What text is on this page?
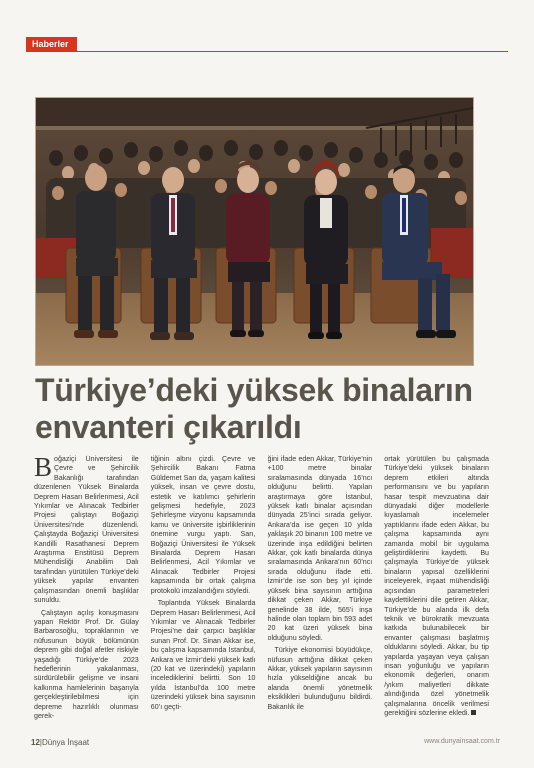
Haberler
Türkiye’deki yüksek binaların
envanteri çıkarıldı

Boğaziçi Üniversitesi ile Çevre ve Şehircilik Bakanlığı tarafından düzenlenen Yüksek Binalarda Deprem Hasarı Belirlenmesi, Acil Yıkımlar ve Alınacak Tedbirler Projesi çalıştayı Boğaziçi Üniversitesi’nde düzenlendi. Çalıştayda Boğaziçi Üniversitesi Kandilli Rasathanesi Deprem Araştırma Enstitüsü Deprem Mühendisliği Anabilim Dalı tarafından yürütülen Türkiye’deki yüksek yapılar envanteri çalışmasından önemli başlıklar sunuldu.

Çalıştayın açılış konuşmasını yapan Rektör Prof. Dr. Gülay Barbarosoğlu, topraklarının ve nüfusunun büyük bölümünün deprem gibi doğal afetler riskiyle yaşadığı Türkiye’de 2023 hedeflerinin yakalanması, sürdürülebilir gelişme ve insani kalkınma hamlelerinin başarıyla gerçekleştirilebilmesi için depreme hazırlıklı olunması gerek-

tiğinin altını çizdi. Çevre ve Şehircilik Bakanı Fatma Güldemet Sarı da, yaşam kalitesi yüksek, insan ve çevre dostu, estetik ve katılımcı şehirlerin gelişmesi hedefiyle, 2023 Şehirleşme vizyonu kapsamında kamu ve üniversite işbirliklerinin önemine vurgu yaptı. Sarı, Boğaziçi Üniversitesi ile Yüksek Binalarda Deprem Hasarı Belirlenmesi, Acil Yıkımlar ve Alınacak Tedbirler Projesi kapsamında bir ortak çalışma protokolü imzalandığını söyledi.

Toplantıda Yüksek Binalarda Deprem Hasarı Belirlenmesi, Acil Yıkımlar ve Alınacak Tedbirler Projesi’ne dair çarpıcı başlıklar sunan Prof. Dr. Sinan Akkar ise, bu çalışma kapsamında İstanbul, Ankara ve İzmir’deki yüksek katlı (20 kat ve üzerindeki) yapıların incelediklerini belirtti. Son 10 yılda İstanbul’da 100 metre üzerindeki yüksek bina sayısının 60’ı geçti-

ğini ifade eden Akkar, Türkiye’nin +100 metre binalar sıralamasında dünyada 16’ncı olduğunu belirtti. Yapılan araştırmaya göre İstanbul, yüksek katlı binalar açısından dünyada 25’inci sırada geliyor. Ankara’da ise geçen 10 yılda yaklaşık 20 binanın 100 metre ve üzerinde inşa edildiğini belirten Akkar, çok katlı binalarda dünya sıralamasında Ankara’nın 60’ncı sırada olduğunu ifade etti. İzmir’de ise son beş yıl içinde yüksek bina sayısının arttığına dikkat çeken Akkar, Türkiye genelinde 38 ilde, 565’i inşa halinde olan toplam bin 593 adet 20 kat üzeri yüksek bina olduğunu söyledi.

Türkiye ekonomisi büyüdükçe, nüfusun arttığına dikkat çeken Akkar, yüksek yapıların sayısının hızla yükseldiğine ancak bu alanda önemli yönetmelik eksiklikleri bulunduğunu bildirdi. Bakanlık ile

ortak yürütülen bu çalışmada Türkiye’deki yüksek binaların deprem etkileri altında performansını ve bu yapıların hasar tespit mevzuatına dair dünyadaki diğer modellerle kıyaslamalı incelemeler yaptıklarını ifade eden Akkar, bu çalışma kapsamında aynı zamanda mobil bir uygulama geliştirdiklerini kaydetti. Bu çalışmayla Türkiye’de yüksek binaların yapısal özelliklerini inceleyerek, inşaat mühendisliği açısından parametreleri kaydettiklerini dile getiren Akkar, Türkiye’de bu alanda ilk defa teknik ve bürokratik mevzuata katkıda bulunabilecek bir envanter çalışması başlatmış olduklarını söyledi. Akkar, bu tip yapılarda yaşayan veya çalışan insan yoğunluğu ve yapıların ekonomik değerleri, onarım /yıkım maliyetleri dikkate alındığında özel yönetmelik çalışmalarına öncelik verilmesi gerektiğini sözlerine ekledi.

12|Dünya İnşaat	www.dunyainsaat.com.tr
